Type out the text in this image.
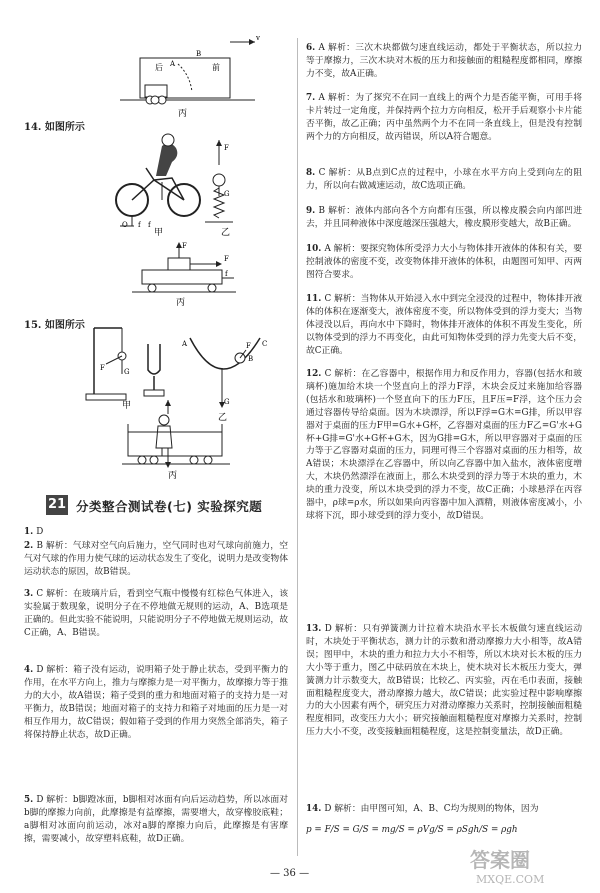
后	前
A
B
v
丙
14. 如图所示
O f f
甲
F
G
乙
F
F
f
丙
15. 如图所示
G
F
甲
A	C
B
F
G
乙
丙
21 分类整合测试卷(七) 实验探究题
1. D
2. B 解析：气球对空气向后施力，空气同时也对气球向前施力，空气对气球的作用力使气球的运动状态发生了变化，说明力是改变物体运动状态的原因，故B错误。
3. C 解析：在玻璃片后，看到空气瓶中慢慢有红棕色气体进入，该实验属于数现象，说明分子在不停地做无规则的运动，A、B选项是正确的。但此实验不能说明，只能说明分子不停地做无规则运动，故C正确，A、B错误。
4. D 解析：箱子没有运动，说明箱子处于静止状态，受到平衡力的作用，在水平方向上，推力与摩擦力是一对平衡力，故摩擦力等于推力的大小，故A错误；箱子受到的重力和地面对箱子的支持力是一对平衡力，故B错误；地面对箱子的支持力和箱子对地面的压力是一对相互作用力，故C错误；假如箱子受到的作用力突然全部消失，箱子将保持静止状态，故D正确。
5. D 解析：b脚蹬冰面，b脚相对冰面有向后运动趋势，所以冰面对b脚的摩擦力向前，此摩擦是有益摩擦，需要增大，故穿橡胶底鞋；a脚相对冰面向前运动，冰对a脚的摩擦力向后，此摩擦是有害摩擦，需要减小，故穿塑料底鞋，故D正确。
6. A 解析：三次木块都做匀速直线运动，都处于平衡状态，所以拉力等于摩擦力，三次木块对木板的压力和接触面的粗糙程度都相同，摩擦力不变，故A正确。
7. A 解析：为了探究不在同一直线上的两个力是否能平衡，可用手将卡片转过一定角度，并保持两个拉力方向相反，松开手后观察小卡片能否平衡，故乙正确；丙中虽然两个力不在同一条直线上，但是没有控制两个力的方向相反，故丙错误，所以A符合题意。
8. C 解析：从B点到C点的过程中，小球在水平方向上受到向左的阻力，所以向右做减速运动，故C选项正确。
9. B 解析：液体内部向各个方向都有压强，所以橡皮膜会向内部凹进去，并且同种液体中深度越深压强越大，橡皮膜形变越大，故B正确。
10. A 解析：要探究物体所受浮力大小与物体排开液体的体积有关，要控制液体的密度不变，改变物体排开液体的体积，由题图可知甲、丙两图符合要求。
11. C 解析：当物体从开始浸入水中到完全浸没的过程中，物体排开液体的体积在逐渐变大，液体密度不变，所以物体受到的浮力变大；当物体浸没以后，再向水中下降时，物体排开液体的体积不再发生变化，所以物体受到的浮力不再变化，由此可知物体受到的浮力先变大后不变，故C正确。
12. C 解析：在乙容器中，根据作用力和反作用力，容器(包括水和玻璃杯)施加给木块一个竖直向上的浮力F浮，木块会反过来施加给容器(包括水和玻璃杯)一个竖直向下的压力F压，且F压=F浮，这个压力会通过容器传导给桌面。因为木块漂浮，所以F浮=G木=G排，所以甲容器对于桌面的压力F甲=G水+G杯，乙容器对桌面的压力F乙=G'水+G杯+G排=G'水+G杯+G木，因为G排=G木，所以甲容器对于桌面的压力等于乙容器对桌面的压力，同理可得三个容器对桌面的压力相等，故A错误；木块漂浮在乙容器中，所以向乙容器中加入盐水，液体密度增大，木块仍然漂浮在液面上，那么木块受到的浮力等于木块的重力，木块的重力没变，所以木块受到的浮力不变，故C正确；小球悬浮在丙容器中，ρ球=ρ水，所以如果向丙容器中加入酒精，则液体密度减小，小球将下沉，即小球受到的浮力变小，故D错误。
13. D 解析：只有弹簧测力计拉着木块沿水平长木板做匀速直线运动时，木块处于平衡状态，测力计的示数和滑动摩擦力大小相等，故A错误；图甲中，木块的重力和拉力大小不相等，所以木块对长木板的压力大小等于重力，图乙中砝码放在木块上，使木块对长木板压力变大，弹簧测力计示数变大，故B错误；比较乙、丙实验，丙在毛巾表面，接触面粗糙程度变大，滑动摩擦力越大，故C错误；此实验过程中影响摩擦力的大小因素有两个，研究压力对滑动摩擦力关系时，控制接触面粗糙程度相同，改变压力大小；研究接触面粗糙程度对摩擦力关系时，控制压力大小不变，改变接触面粗糙程度，这是控制变量法，故D正确。
14. D 解析：由甲图可知，A、B、C均为规则的物体，因为
p = F/S = G/S = mg/S = ρVg/S = ρSgh/S = ρgh
— 36 —
答案圈
MXQE.COM
